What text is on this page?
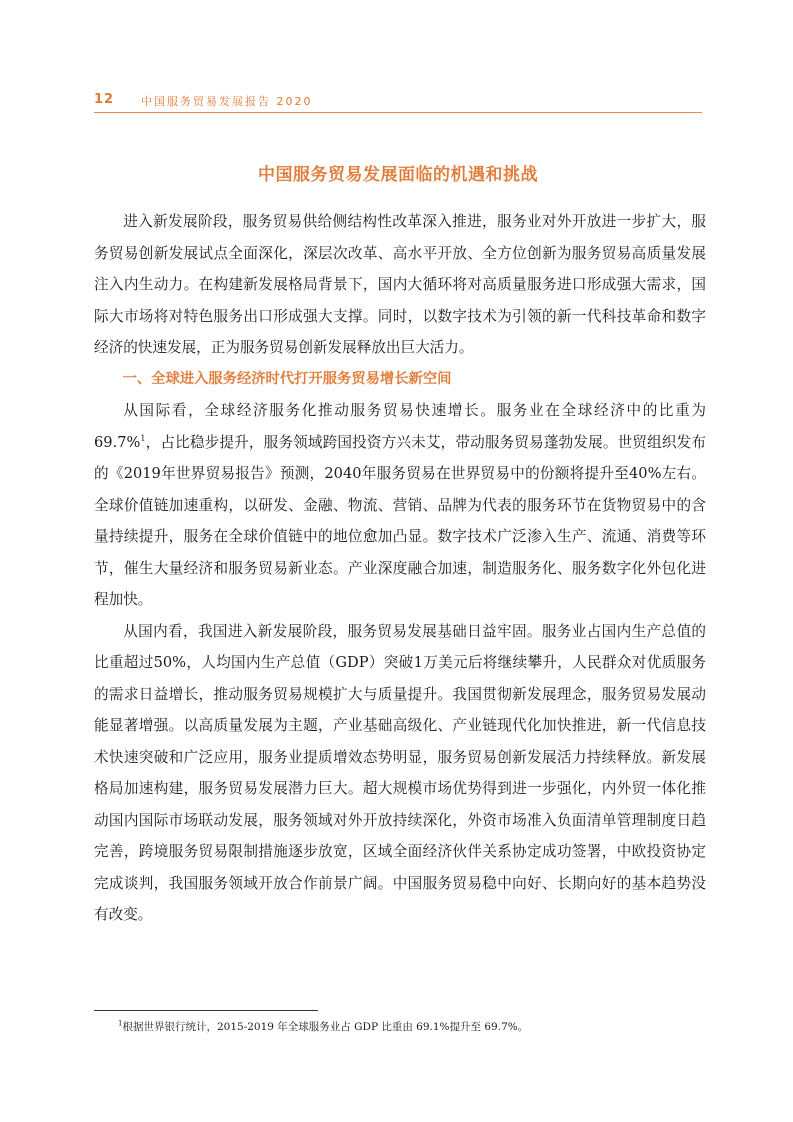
12 中国服务贸易发展报告 2020
中国服务贸易发展面临的机遇和挑战

进入新发展阶段，服务贸易供给侧结构性改革深入推进，服务业对外开放进一步扩大，服务贸易创新发展试点全面深化，深层次改革、高水平开放、全方位创新为服务贸易高质量发展注入内生动力。在构建新发展格局背景下，国内大循环将对高质量服务进口形成强大需求，国际大市场将对特色服务出口形成强大支撑。同时，以数字技术为引领的新一代科技革命和数字经济的快速发展，正为服务贸易创新发展释放出巨大活力。

一、全球进入服务经济时代打开服务贸易增长新空间

从国际看，全球经济服务化推动服务贸易快速增长。服务业在全球经济中的比重为69.7%$^1$，占比稳步提升，服务领域跨国投资方兴未艾，带动服务贸易蓬勃发展。世贸组织发布的《2019年世界贸易报告》预测，2040年服务贸易在世界贸易中的份额将提升至40%左右。全球价值链加速重构，以研发、金融、物流、营销、品牌为代表的服务环节在货物贸易中的含量持续提升，服务在全球价值链中的地位愈加凸显。数字技术广泛渗入生产、流通、消费等环节，催生大量经济和服务贸易新业态。产业深度融合加速，制造服务化、服务数字化外包化进程加快。

从国内看，我国进入新发展阶段，服务贸易发展基础日益牢固。服务业占国内生产总值的比重超过50%，人均国内生产总值（GDP）突破1万美元后将继续攀升，人民群众对优质服务的需求日益增长，推动服务贸易规模扩大与质量提升。我国贯彻新发展理念，服务贸易发展动能显著增强。以高质量发展为主题，产业基础高级化、产业链现代化加快推进，新一代信息技术快速突破和广泛应用，服务业提质增效态势明显，服务贸易创新发展活力持续释放。新发展格局加速构建，服务贸易发展潜力巨大。超大规模市场优势得到进一步强化，内外贸一体化推动国内国际市场联动发展，服务领域对外开放持续深化，外资市场准入负面清单管理制度日趋完善，跨境服务贸易限制措施逐步放宽，区域全面经济伙伴关系协定成功签署，中欧投资协定完成谈判，我国服务领域开放合作前景广阔。中国服务贸易稳中向好、长期向好的基本趋势没有改变。

$^1$根据世界银行统计，2015-2019 年全球服务业占 GDP 比重由 69.1%提升至 69.7%。
